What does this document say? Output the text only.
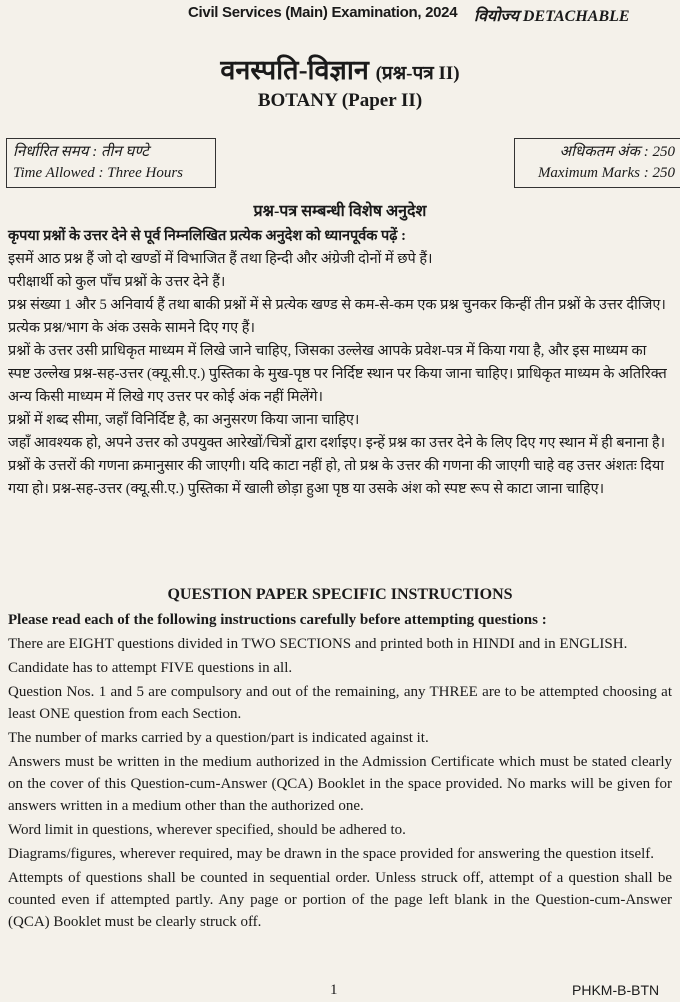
Civil Services (Main) Examination, 2024 वियोज्य DETACHABLE
वनस्पति-विज्ञान (प्रश्न-पत्र II)
BOTANY (Paper II)
निर्धारित समय : तीन घण्टे
Time Allowed : Three Hours
अधिकतम अंक : 250
Maximum Marks : 250
प्रश्न-पत्र सम्बन्धी विशेष अनुदेश

कृपया प्रश्नों के उत्तर देने से पूर्व निम्नलिखित प्रत्येक अनुदेश को ध्यानपूर्वक पढ़ें :

इसमें आठ प्रश्न हैं जो दो खण्डों में विभाजित हैं तथा हिन्दी और अंग्रेजी दोनों में छपे हैं।

परीक्षार्थी को कुल पाँच प्रश्नों के उत्तर देने हैं।

प्रश्न संख्या 1 और 5 अनिवार्य हैं तथा बाकी प्रश्नों में से प्रत्येक खण्ड से कम-से-कम एक प्रश्न चुनकर किन्हीं तीन प्रश्नों के उत्तर दीजिए।

प्रत्येक प्रश्न/भाग के अंक उसके सामने दिए गए हैं।

प्रश्नों के उत्तर उसी प्राधिकृत माध्यम में लिखे जाने चाहिए, जिसका उल्लेख आपके प्रवेश-पत्र में किया गया है, और इस माध्यम का स्पष्ट उल्लेख प्रश्न-सह-उत्तर (क्यू.सी.ए.) पुस्तिका के मुख-पृष्ठ पर निर्दिष्ट स्थान पर किया जाना चाहिए। प्राधिकृत माध्यम के अतिरिक्त अन्य किसी माध्यम में लिखे गए उत्तर पर कोई अंक नहीं मिलेंगे।

प्रश्नों में शब्द सीमा, जहाँ विनिर्दिष्ट है, का अनुसरण किया जाना चाहिए।

जहाँ आवश्यक हो, अपने उत्तर को उपयुक्त आरेखों/चित्रों द्वारा दर्शाइए। इन्हें प्रश्न का उत्तर देने के लिए दिए गए स्थान में ही बनाना है।

प्रश्नों के उत्तरों की गणना क्रमानुसार की जाएगी। यदि काटा नहीं हो, तो प्रश्न के उत्तर की गणना की जाएगी चाहे वह उत्तर अंशतः दिया गया हो। प्रश्न-सह-उत्तर (क्यू.सी.ए.) पुस्तिका में खाली छोड़ा हुआ पृष्ठ या उसके अंश को स्पष्ट रूप से काटा जाना चाहिए।

QUESTION PAPER SPECIFIC INSTRUCTIONS

Please read each of the following instructions carefully before attempting questions :

There are EIGHT questions divided in TWO SECTIONS and printed both in HINDI and in ENGLISH.

Candidate has to attempt FIVE questions in all.

Question Nos. 1 and 5 are compulsory and out of the remaining, any THREE are to be attempted choosing at least ONE question from each Section.

The number of marks carried by a question/part is indicated against it.

Answers must be written in the medium authorized in the Admission Certificate which must be stated clearly on the cover of this Question-cum-Answer (QCA) Booklet in the space provided. No marks will be given for answers written in a medium other than the authorized one.

Word limit in questions, wherever specified, should be adhered to.

Diagrams/figures, wherever required, may be drawn in the space provided for answering the question itself.

Attempts of questions shall be counted in sequential order. Unless struck off, attempt of a question shall be counted even if attempted partly. Any page or portion of the page left blank in the Question-cum-Answer (QCA) Booklet must be clearly struck off.

1	PHKM-B-BTN
